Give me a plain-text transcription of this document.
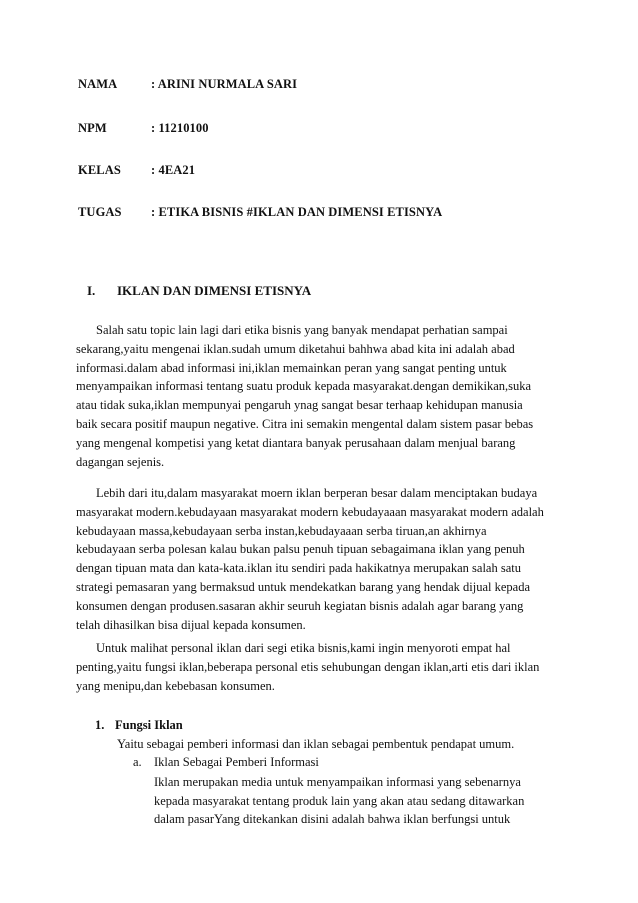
NAMA	: ARINI NURMALA SARI
NPM	: 11210100
KELAS : 4EA21
TUGAS : ETIKA BISNIS #IKLAN DAN DIMENSI ETISNYA
I. IKLAN DAN DIMENSI ETISNYA
Salah satu topic lain lagi dari etika bisnis yang banyak mendapat perhatian sampai
sekarang,yaitu mengenai iklan.sudah umum diketahui bahhwa abad kita ini adalah abad
informasi.dalam abad informasi ini,iklan memainkan peran yang sangat penting untuk
menyampaikan informasi tentang suatu produk kepada masyarakat.dengan demikikan,suka
atau tidak suka,iklan mempunyai pengaruh ynag sangat besar terhaap kehidupan manusia
baik secara positif maupun negative. Citra ini semakin mengental dalam sistem pasar bebas
yang mengenal kompetisi yang ketat diantara banyak perusahaan dalam menjual barang
dagangan sejenis.
Lebih dari itu,dalam masyarakat moern iklan berperan besar dalam menciptakan budaya
masyarakat modern.kebudayaan masyarakat modern kebudayaaan masyarakat modern adalah
kebudayaan massa,kebudayaan serba instan,kebudayaaan serba tiruan,an akhirnya
kebudayaan serba polesan kalau bukan palsu penuh tipuan sebagaimana iklan yang penuh
dengan tipuan mata dan kata-kata.iklan itu sendiri pada hakikatnya merupakan salah satu
strategi pemasaran yang bermaksud untuk mendekatkan barang yang hendak dijual kepada
konsumen dengan produsen.sasaran akhir seuruh kegiatan bisnis adalah agar barang yang
telah dihasilkan bisa dijual kepada konsumen.
Untuk malihat personal iklan dari segi etika bisnis,kami ingin menyoroti empat hal
penting,yaitu fungsi iklan,beberapa personal etis sehubungan dengan iklan,arti etis dari iklan
yang menipu,dan kebebasan konsumen.
1. Fungsi Iklan
Yaitu sebagai pemberi informasi dan iklan sebagai pembentuk pendapat umum.
a. Iklan Sebagai Pemberi Informasi
Iklan merupakan media untuk menyampaikan informasi yang sebenarnya
kepada masyarakat tentang produk lain yang akan atau sedang ditawarkan
dalam pasarYang ditekankan disini adalah bahwa iklan berfungsi untuk
